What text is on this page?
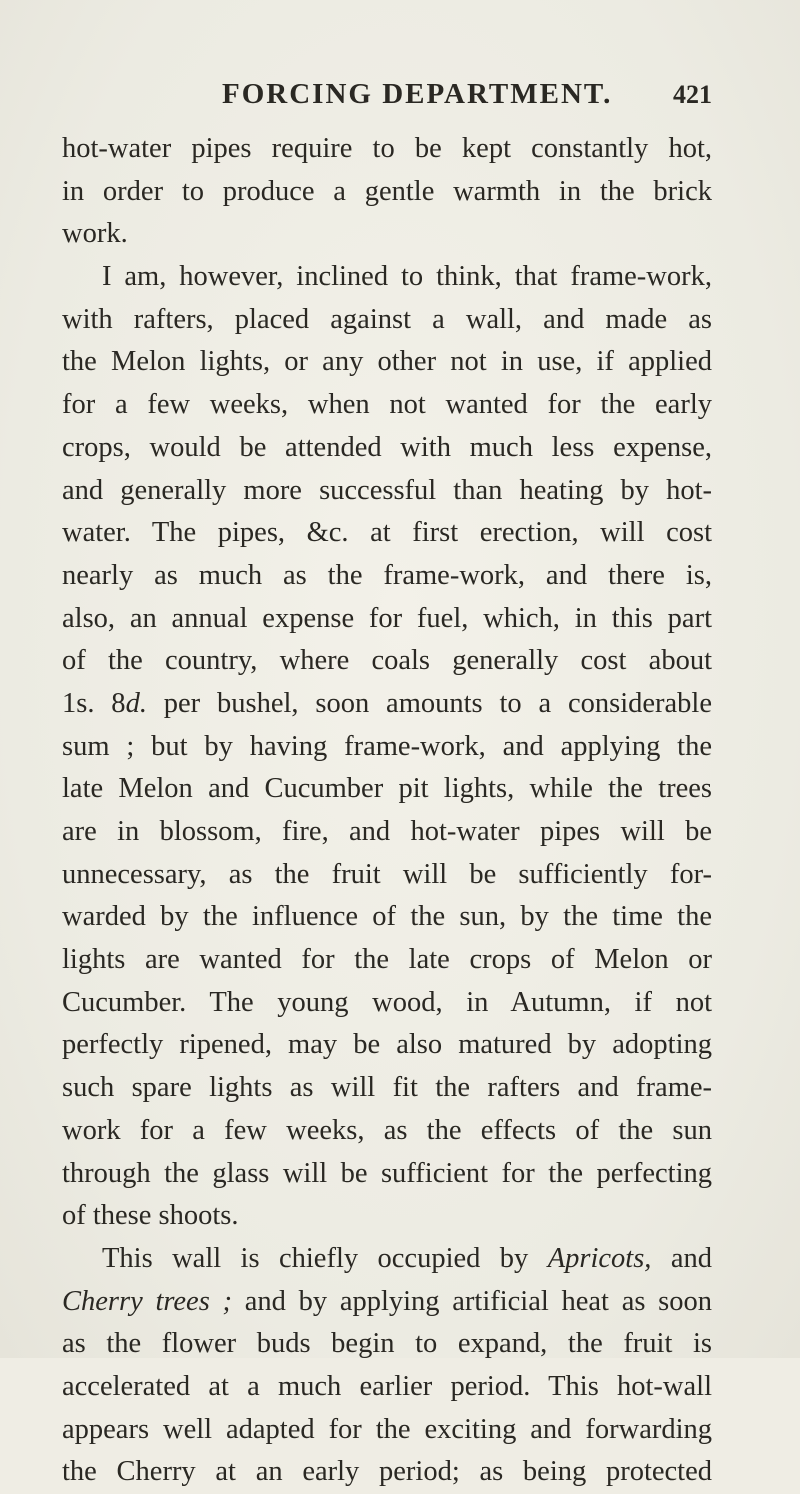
FORCING DEPARTMENT. 421
hot-water pipes require to be kept constantly hot,
in order to produce a gentle warmth in the brick
work.
I am, however, inclined to think, that frame-work,
with rafters, placed against a wall, and made as
the Melon lights, or any other not in use, if applied
for a few weeks, when not wanted for the early
crops, would be attended with much less expense,
and generally more successful than heating by hot-
water. The pipes, &c. at first erection, will cost
nearly as much as the frame-work, and there is,
also, an annual expense for fuel, which, in this part
of the country, where coals generally cost about
1s. 8d. per bushel, soon amounts to a considerable
sum ; but by having frame-work, and applying the
late Melon and Cucumber pit lights, while the trees
are in blossom, fire, and hot-water pipes will be
unnecessary, as the fruit will be sufficiently for-
warded by the influence of the sun, by the time the
lights are wanted for the late crops of Melon or
Cucumber. The young wood, in Autumn, if not
perfectly ripened, may be also matured by adopting
such spare lights as will fit the rafters and frame-
work for a few weeks, as the effects of the sun
through the glass will be sufficient for the perfecting
of these shoots.
This wall is chiefly occupied by Apricots, and
Cherry trees ; and by applying artificial heat as soon
as the flower buds begin to expand, the fruit is
accelerated at a much earlier period. This hot-wall
appears well adapted for the exciting and forwarding
the Cherry at an early period; as being protected
